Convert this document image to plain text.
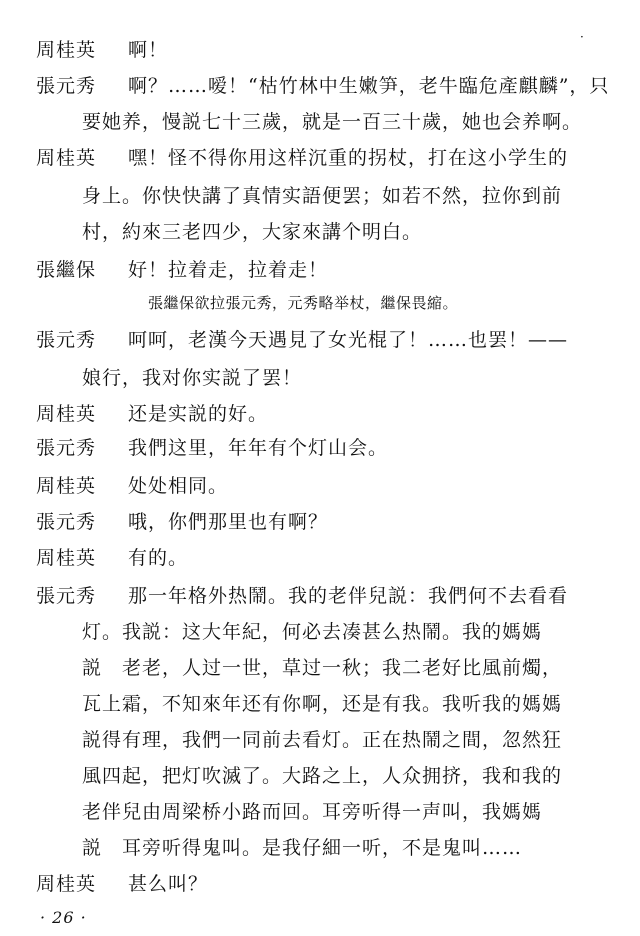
·
周桂英 啊！
張元秀 啊？……嗳！“枯竹林中生嫩笋，老牛臨危產麒麟”，只
要她养，慢説七十三歲，就是一百三十歲，她也会养啊。
周桂英 嘿！怪不得你用这样沉重的拐杖，打在这小学生的
身上。你快快講了真情实語便罢；如若不然，拉你到前
村，約來三老四少，大家來講个明白。
張繼保 好！拉着走，拉着走！
張繼保欲拉張元秀，元秀略举杖，繼保畏縮。
張元秀 呵呵，老漢今天遇見了女光棍了！……也罢！——
娘行，我对你实説了罢！
周桂英 还是实説的好。
張元秀 我們这里，年年有个灯山会。
周桂英 处处相同。
張元秀 哦，你們那里也有啊？
周桂英 有的。
張元秀 那一年格外热鬧。我的老伴兒説：我們何不去看看
灯。我説：这大年紀，何必去凑甚么热鬧。我的媽媽
説　老老，人过一世，草过一秋；我二老好比風前燭，
瓦上霜，不知來年还有你啊，还是有我。我听我的媽媽
説得有理，我們一同前去看灯。正在热鬧之間，忽然狂
風四起，把灯吹滅了。大路之上，人众拥挤，我和我的
老伴兒由周梁桥小路而回。耳旁听得一声叫，我媽媽
説　耳旁听得鬼叫。是我仔細一听，不是鬼叫……
周桂英 甚么叫？
· 26 ·
